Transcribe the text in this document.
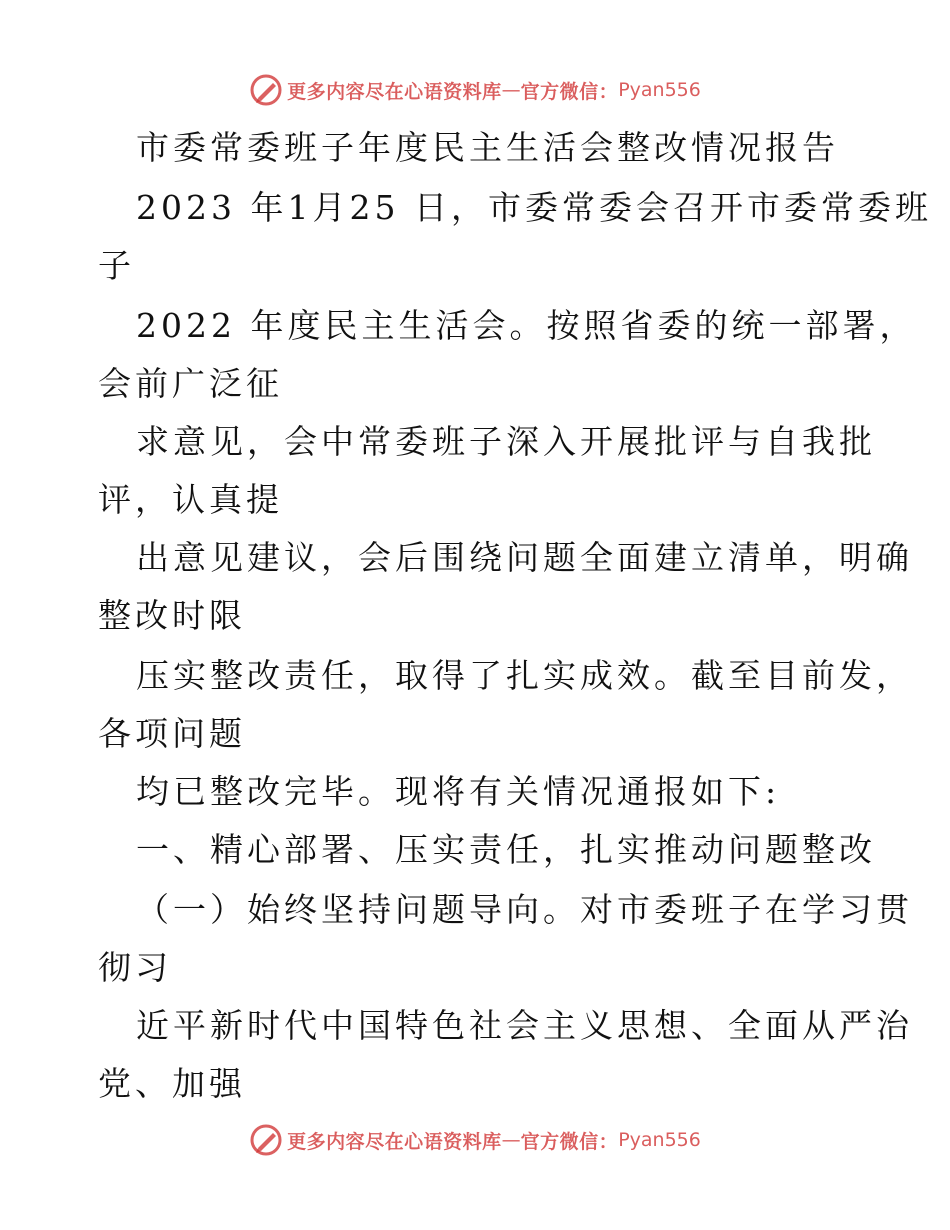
更多内容尽在心语资料库 — 官方微信： Pyan556
市委常委班子年度民主生活会整改情况报告
2023 年1月25 日，市委常委会召开市委常委班
子
2022 年度民主生活会。按照省委的统一部署，
会前广泛征
求意见，会中常委班子深入开展批评与自我批
评，认真提
出意见建议，会后围绕问题全面建立清单，明确
整改时限
压实整改责任，取得了扎实成效。截至目前发，
各项问题
均已整改完毕。现将有关情况通报如下:
一、精心部署、压实责任，扎实推动问题整改
（一）始终坚持问题导向。对市委班子在学习贯
彻习
近平新时代中国特色社会主义思想、全面从严治
党、加强
更多内容尽在心语资料库 — 官方微信： Pyan556
